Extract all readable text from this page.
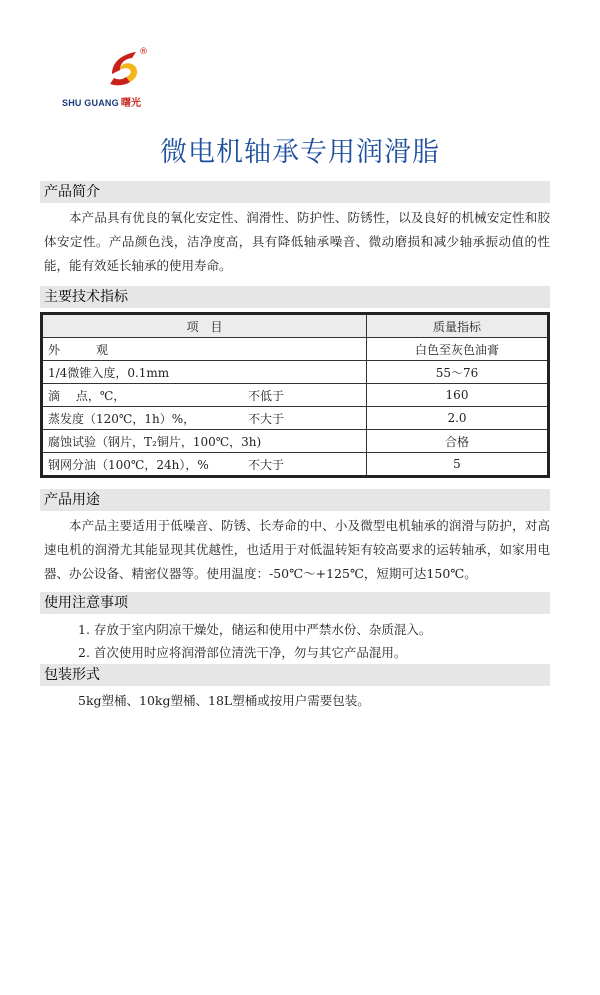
®
SHU GUANG 曙光
微电机轴承专用润滑脂
产品简介

本产品具有优良的氧化安定性、润滑性、防护性、防锈性，以及良好的机械安定性和胶体安定性。产品颜色浅，洁净度高，具有降低轴承噪音、微动磨损和减少轴承振动值的性能，能有效延长轴承的使用寿命。

主要技术指标
项　目	质量指标
外　　　观	白色至灰色油膏
1/4微锥入度，0.1mm	55～76
滴　 点，℃， 不低于	160
蒸发度（120℃，1h）%， 不大于	2.0
腐蚀试验（钢片，T₂铜片，100℃，3h)	合格
钢网分油（100℃，24h），% 不大于	5
产品用途

本产品主要适用于低噪音、防锈、长寿命的中、小及微型电机轴承的润滑与防护，对高速电机的润滑尤其能显现其优越性，也适用于对低温转矩有较高要求的运转轴承，如家用电器、办公设备、精密仪器等。使用温度：-50℃～+125℃，短期可达150℃。

使用注意事项
1. 存放于室内阴凉干燥处，储运和使用中严禁水份、杂质混入。
2. 首次使用时应将润滑部位清洗干净，勿与其它产品混用。
包装形式
5kg塑桶、10kg塑桶、18L塑桶或按用户需要包装。
